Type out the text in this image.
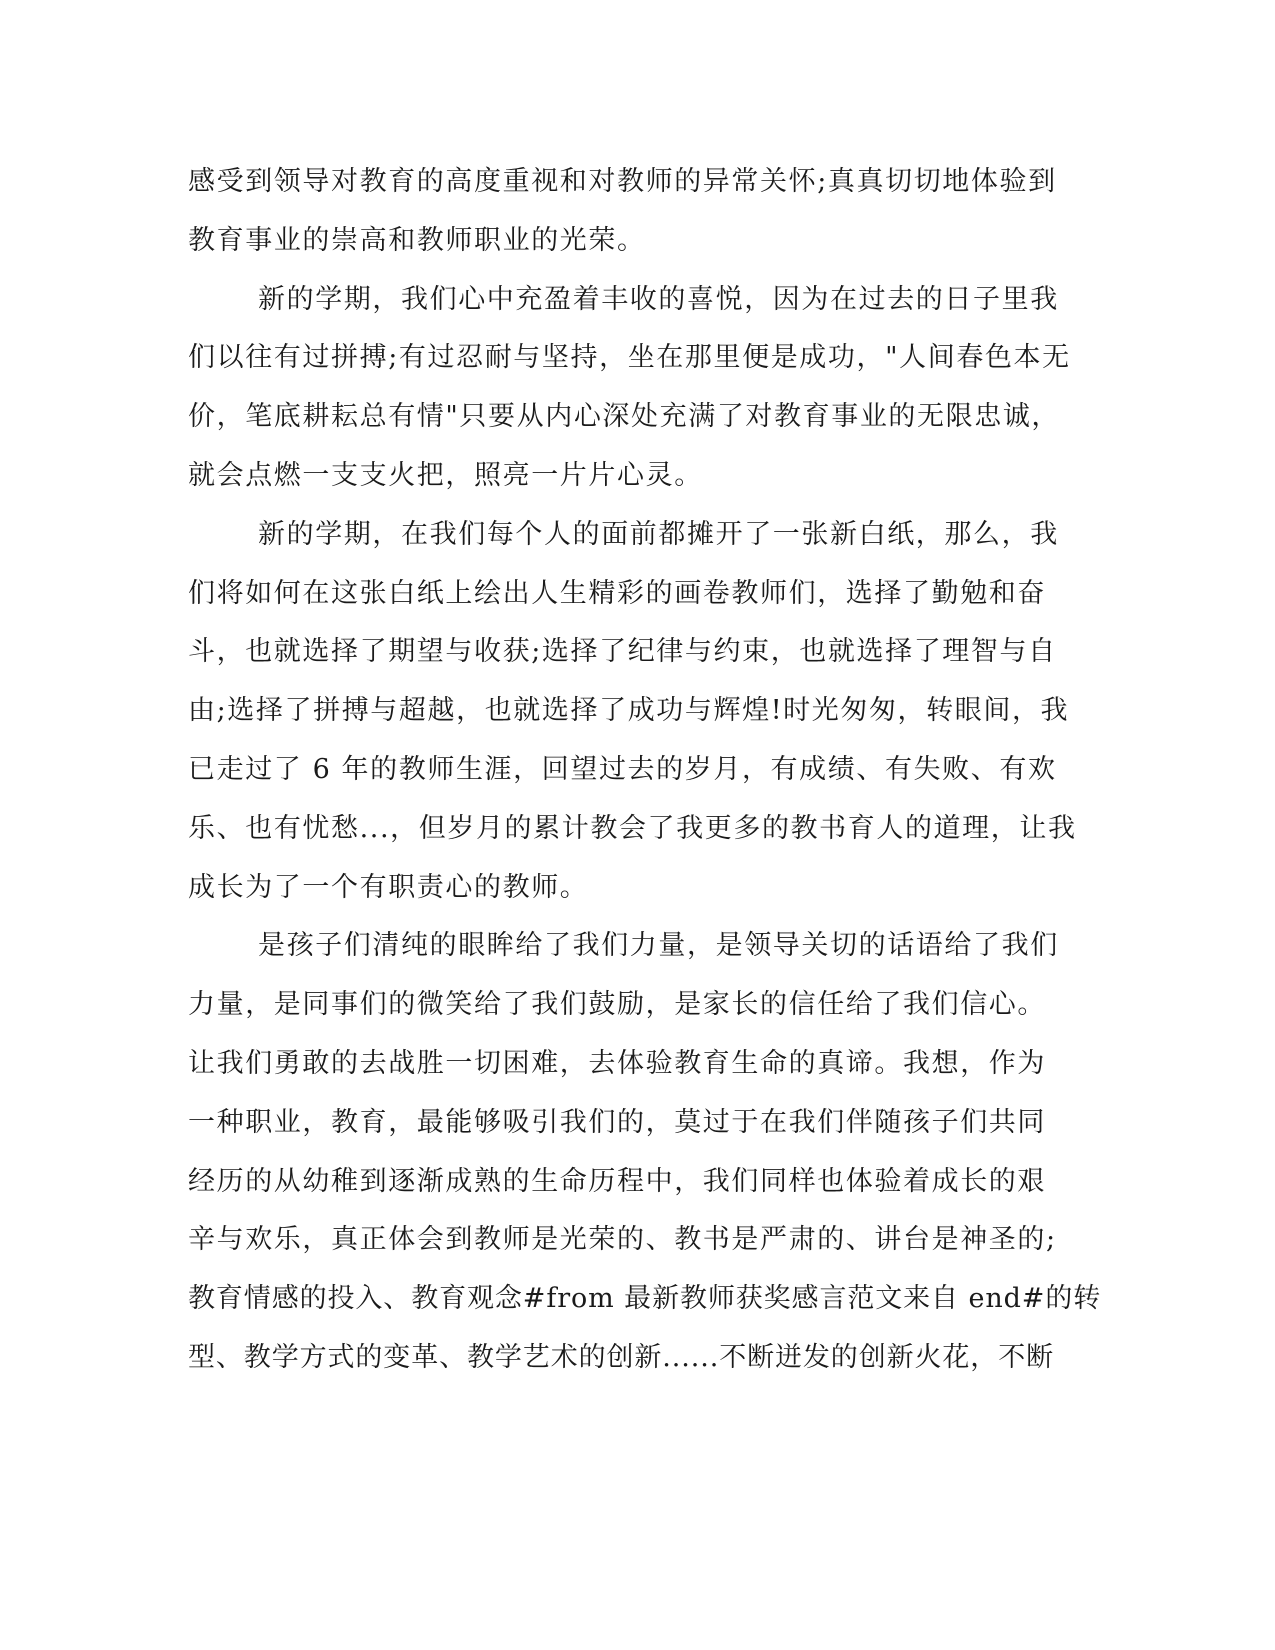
感受到领导对教育的高度重视和对教师的异常关怀;真真切切地体验到
教育事业的崇高和教师职业的光荣。
新的学期，我们心中充盈着丰收的喜悦，因为在过去的日子里我
们以往有过拼搏;有过忍耐与坚持，坐在那里便是成功，"人间春色本无
价，笔底耕耘总有情"只要从内心深处充满了对教育事业的无限忠诚，
就会点燃一支支火把，照亮一片片心灵。
新的学期，在我们每个人的面前都摊开了一张新白纸，那么，我
们将如何在这张白纸上绘出人生精彩的画卷教师们，选择了勤勉和奋
斗，也就选择了期望与收获;选择了纪律与约束，也就选择了理智与自
由;选择了拼搏与超越，也就选择了成功与辉煌!时光匆匆，转眼间，我
已走过了 6 年的教师生涯，回望过去的岁月，有成绩、有失败、有欢
乐、也有忧愁...，但岁月的累计教会了我更多的教书育人的道理，让我
成长为了一个有职责心的教师。
是孩子们清纯的眼眸给了我们力量，是领导关切的话语给了我们
力量，是同事们的微笑给了我们鼓励，是家长的信任给了我们信心。
让我们勇敢的去战胜一切困难，去体验教育生命的真谛。我想，作为
一种职业，教育，最能够吸引我们的，莫过于在我们伴随孩子们共同
经历的从幼稚到逐渐成熟的生命历程中，我们同样也体验着成长的艰
辛与欢乐，真正体会到教师是光荣的、教书是严肃的、讲台是神圣的;
教育情感的投入、教育观念#from 最新教师获奖感言范文来自 end#的转
型、教学方式的变革、教学艺术的创新......不断迸发的创新火花，不断
